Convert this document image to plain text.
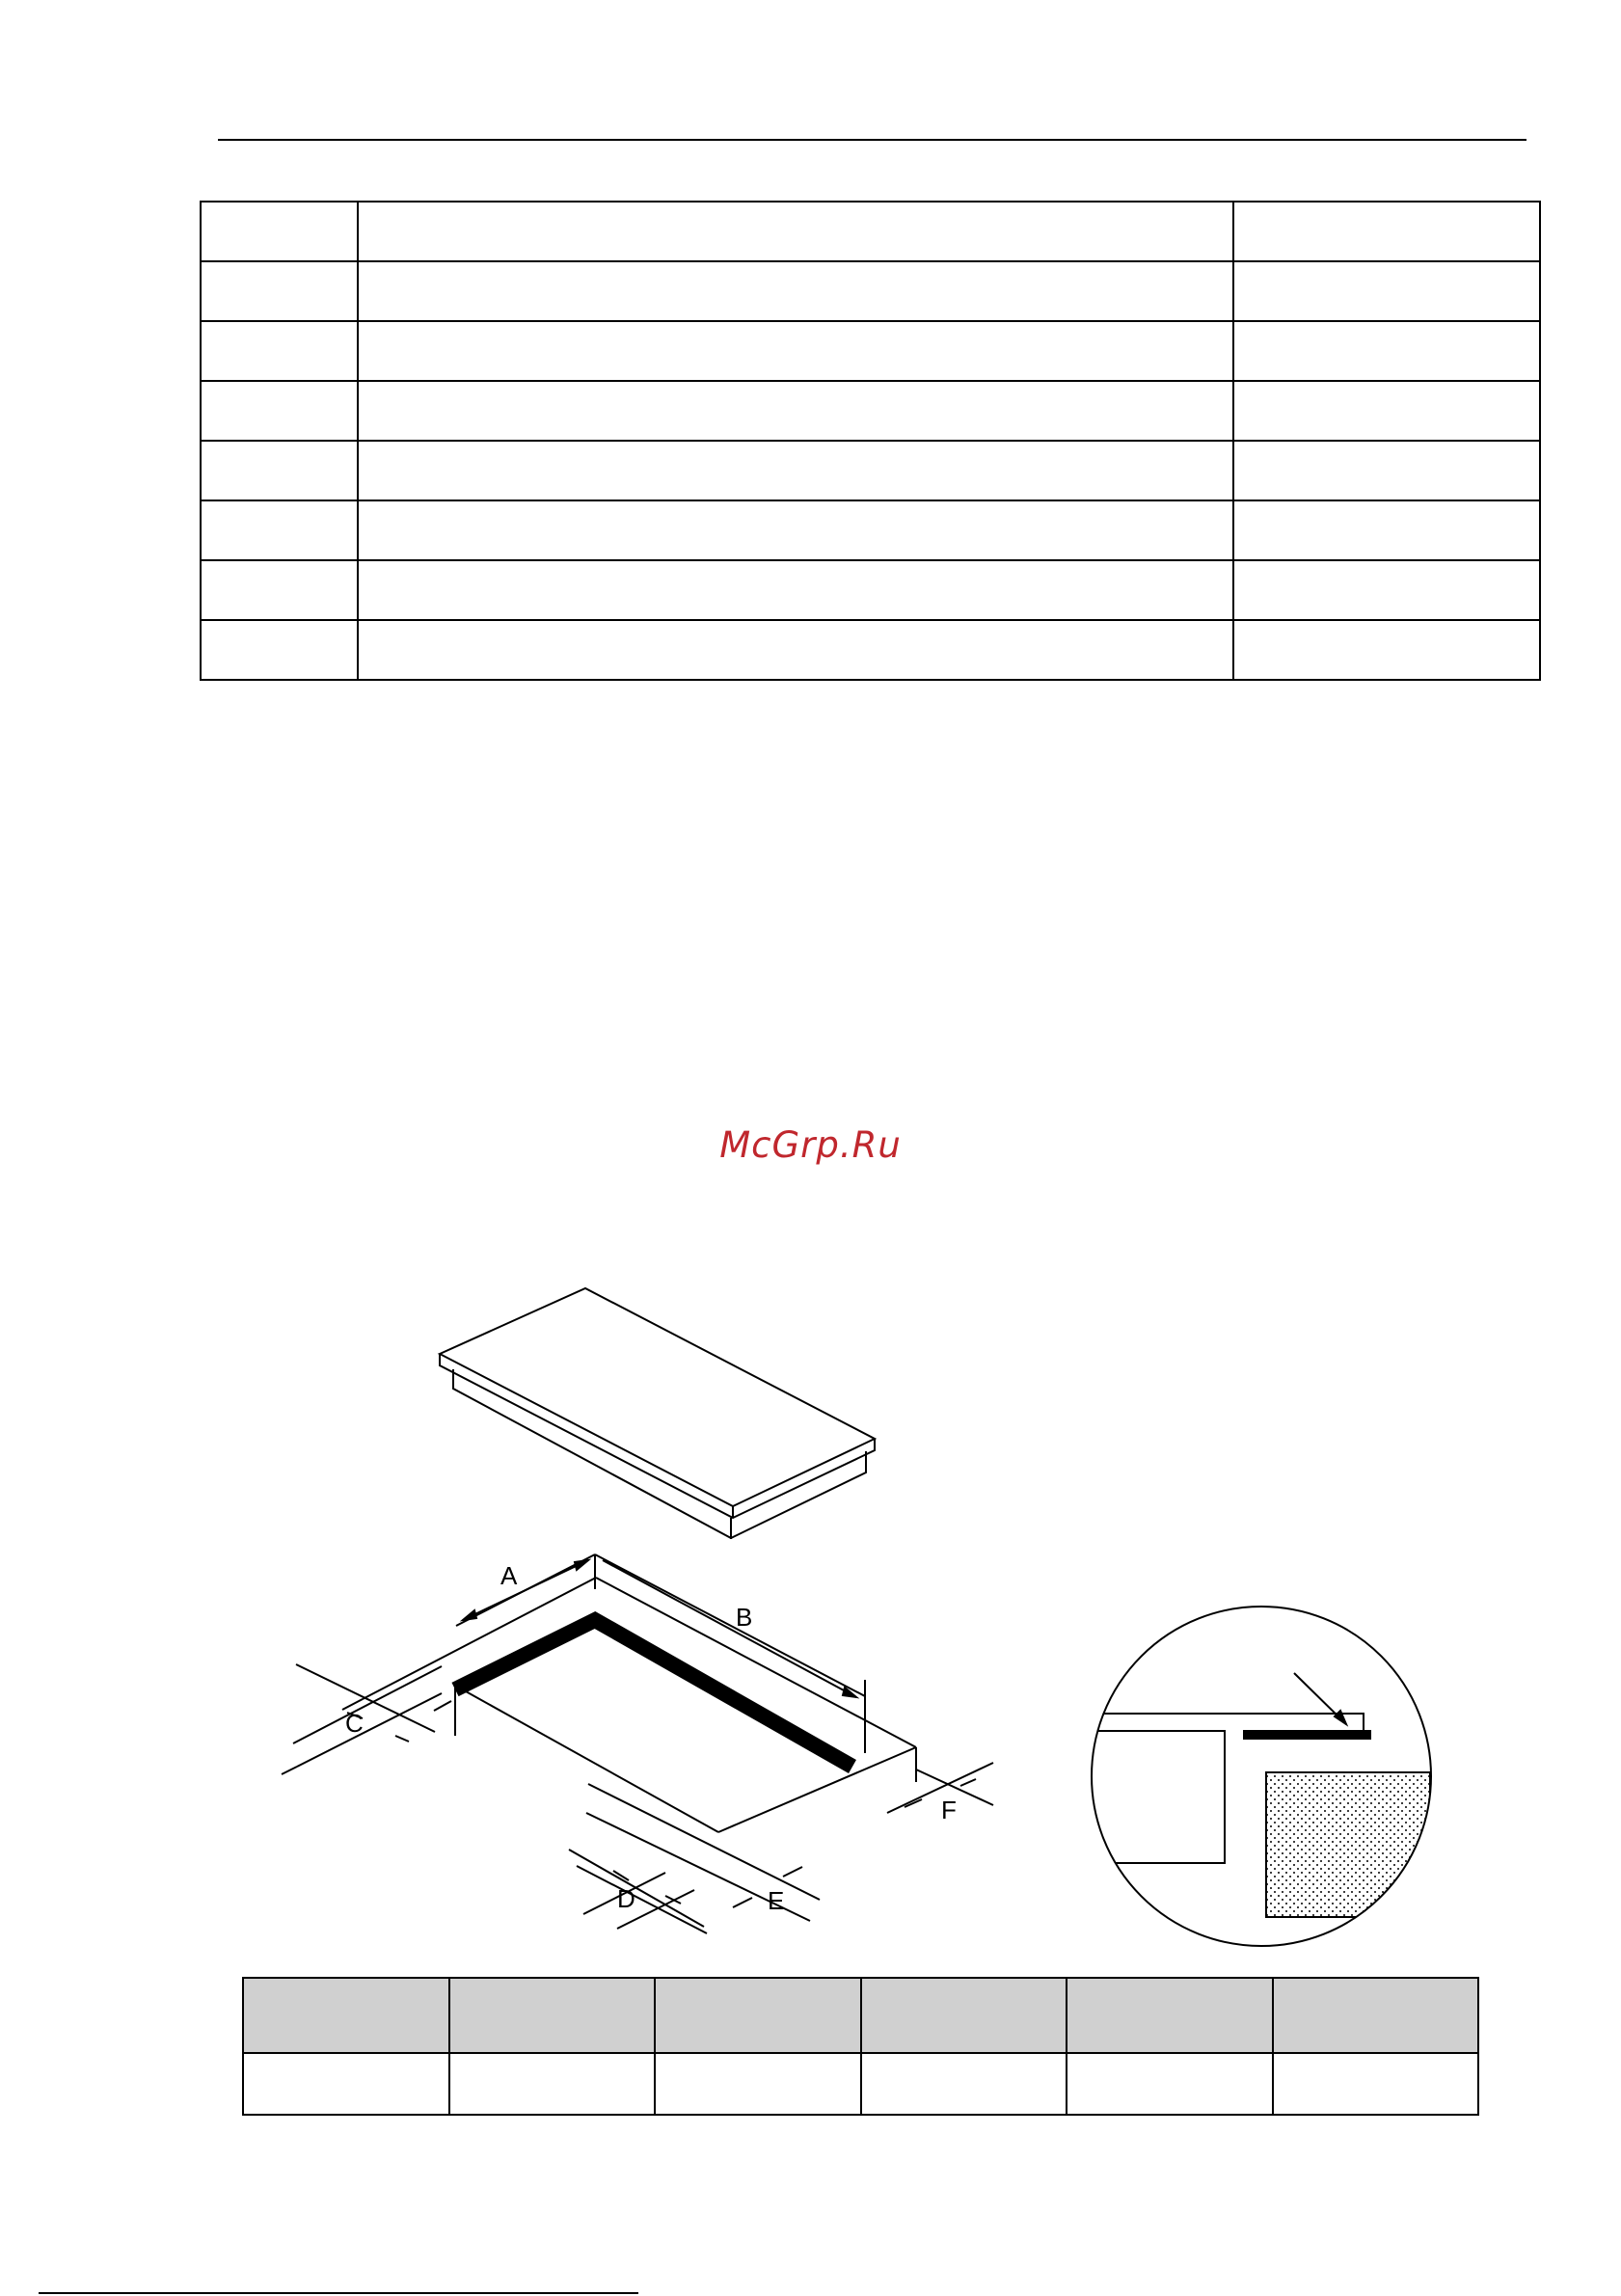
McGrp.Ru
A
B
C
D	E
F
